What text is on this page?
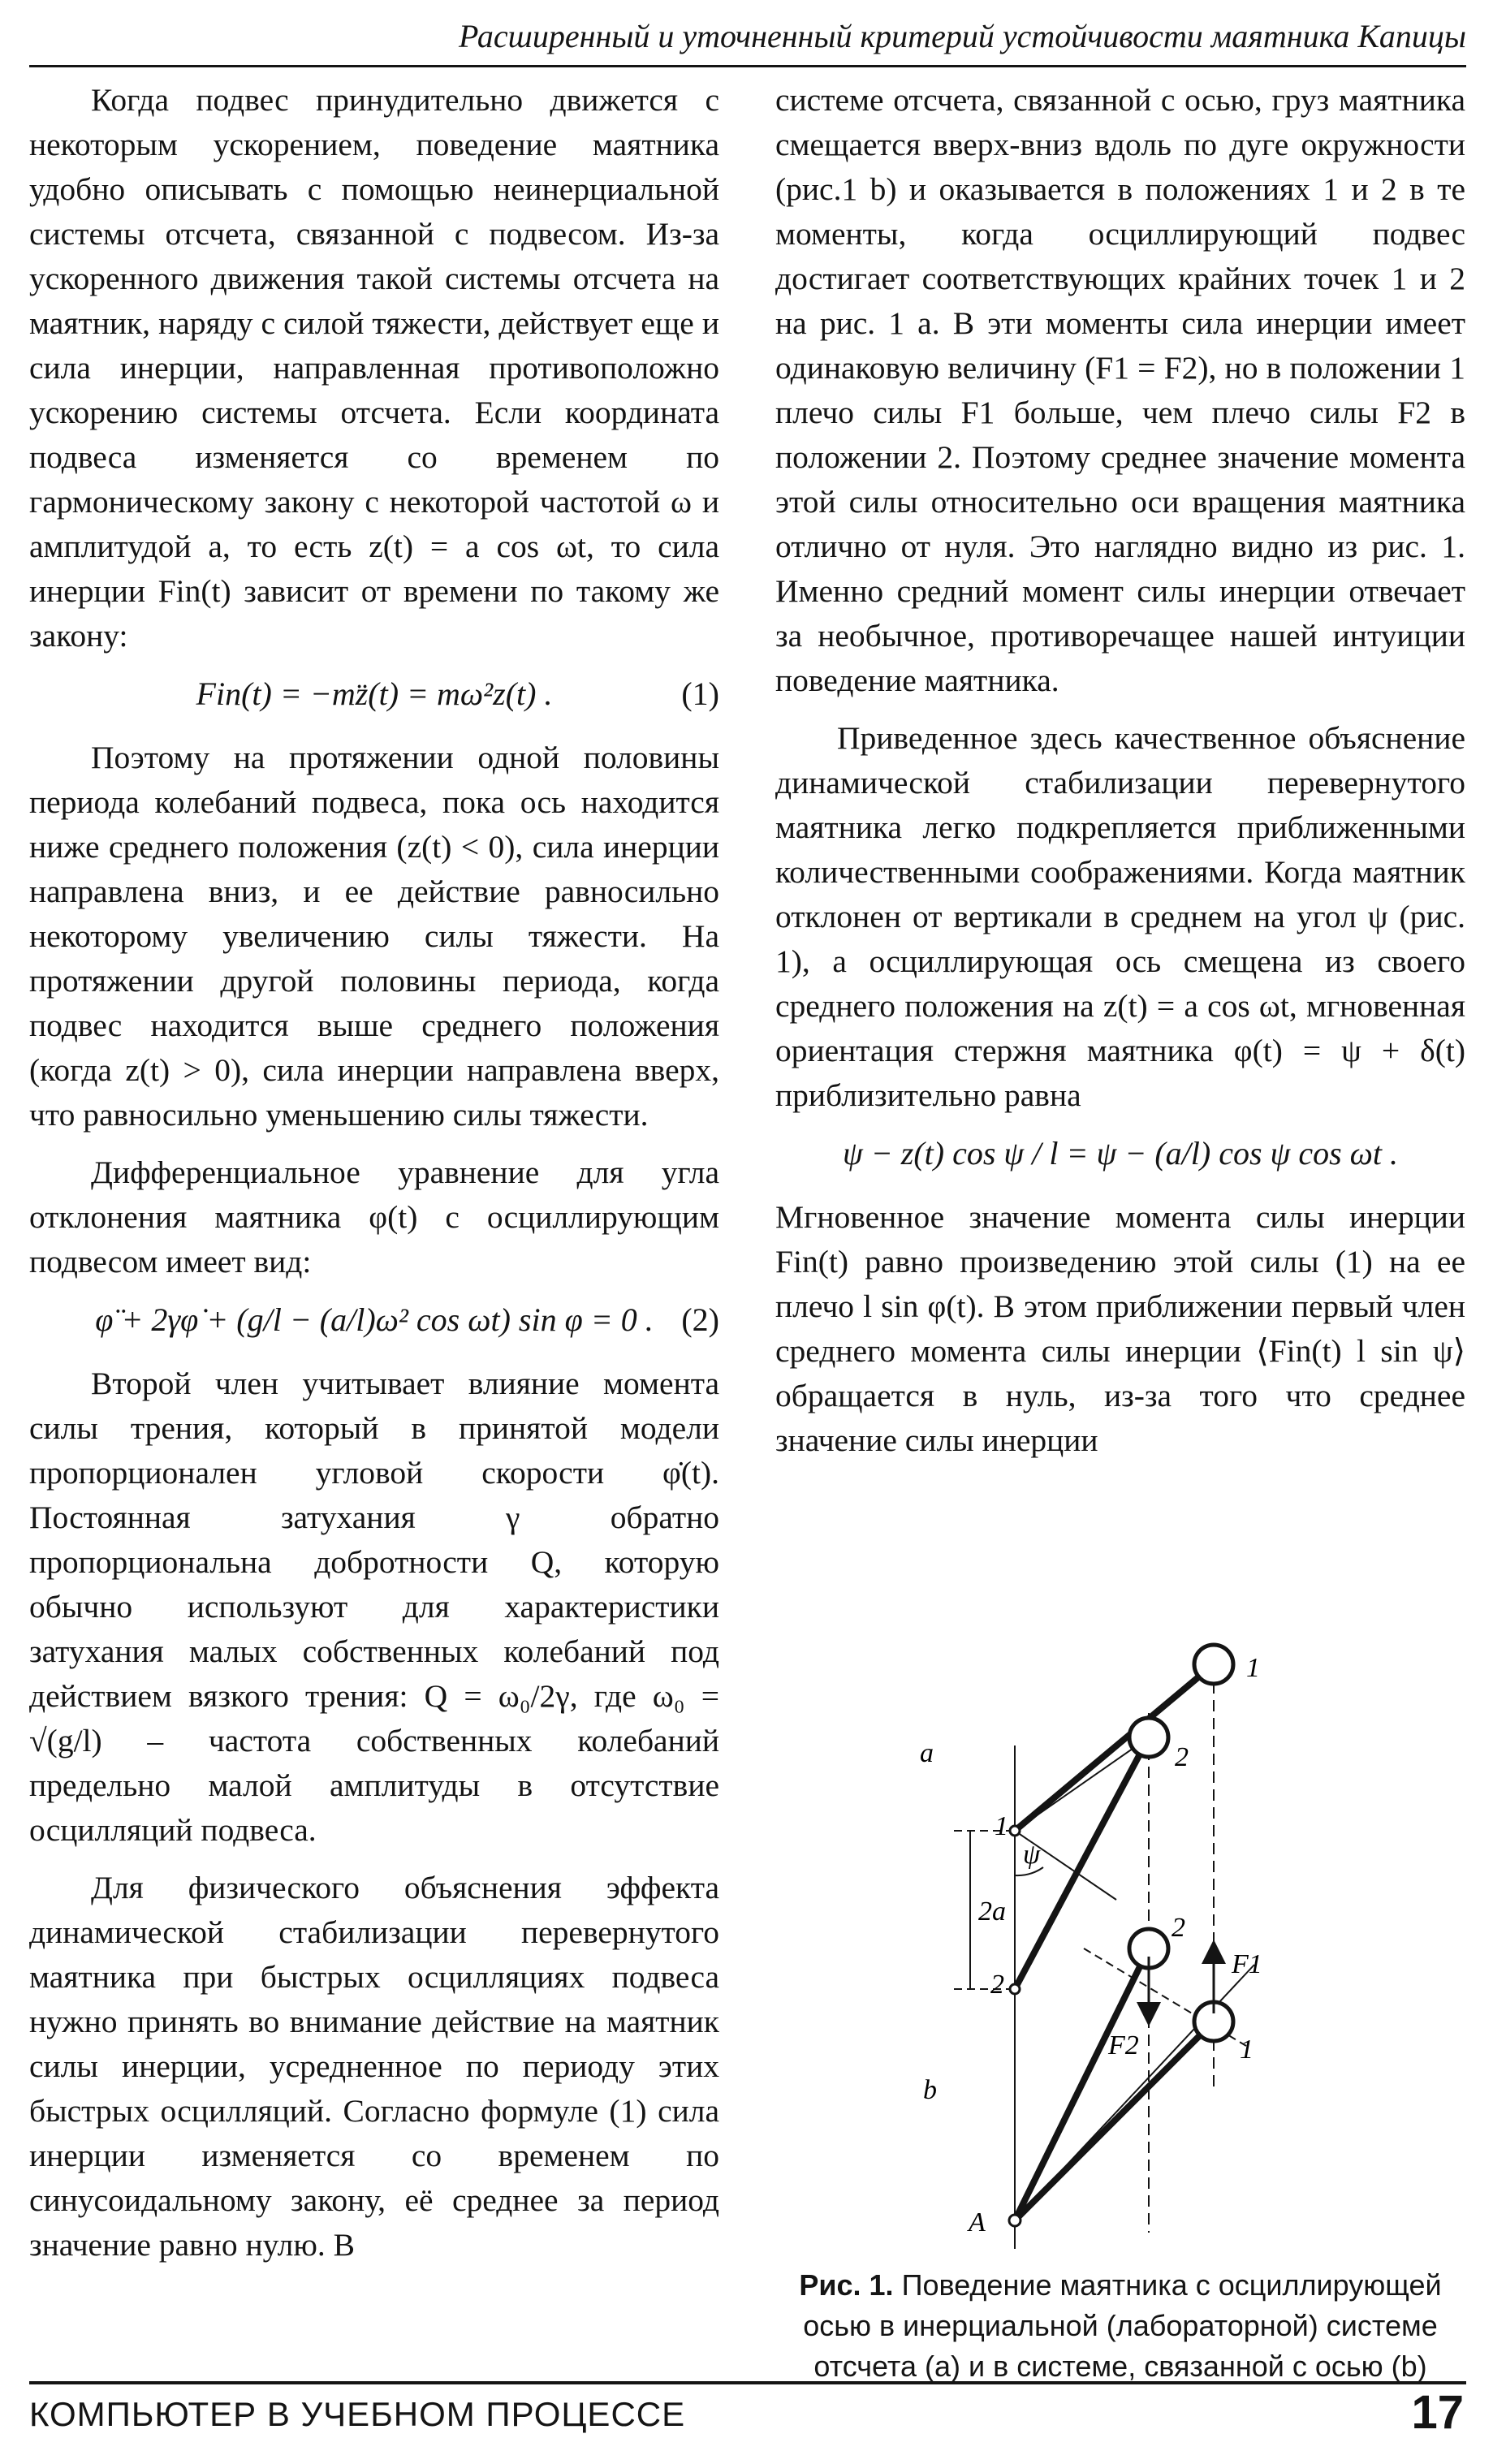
Расширенный и уточненный критерий устойчивости маятника Капицы

Когда подвес принудительно движется с некоторым ускорением, поведение маятника удобно описывать с помощью неинерциальной системы отсчета, связанной с подвесом. Из-за ускоренного движения такой системы отсчета на маятник, наряду с силой тяжести, действует еще и сила инерции, направленная противоположно ускорению системы отсчета. Если координата подвеса изменяется со временем по гармоническому закону с некоторой частотой ω и амплитудой a, то есть z(t) = a cos ωt, то сила инерции Fin(t) зависит от времени по такому же закону:

Fin(t) = −mz̈(t) = mω²z(t) .	(1)

Поэтому на протяжении одной половины периода колебаний подвеса, пока ось находится ниже среднего положения (z(t) < 0), сила инерции направлена вниз, и ее действие равносильно некоторому увеличению силы тяжести. На протяжении другой половины периода, когда подвес находится выше среднего положения (когда z(t) > 0), сила инерции направлена вверх, что равносильно уменьшению силы тяжести.

Дифференциальное уравнение для угла отклонения маятника φ(t) с осциллирующим подвесом имеет вид:

φ̈ + 2γφ̇ + (g/l − (a/l)ω² cos ωt) sin φ = 0 . (2)

Второй член учитывает влияние момента силы трения, который в принятой модели пропорционален угловой скорости φ̇(t). Постоянная затухания γ обратно пропорциональна добротности Q, которую обычно используют для характеристики затухания малых собственных колебаний под действием вязкого трения: Q = ω₀/2γ, где ω₀ = √(g/l) – частота собственных колебаний предельно малой амплитуды в отсутствие осцилляций подвеса.

Для физического объяснения эффекта динамической стабилизации перевернутого маятника при быстрых осцилляциях подвеса нужно принять во внимание действие на маятник силы инерции, усредненное по периоду этих быстрых осцилляций. Согласно формуле (1) сила инерции изменяется со временем по синусоидальному закону, её среднее за период значение равно нулю. В

системе отсчета, связанной с осью, груз маятника смещается вверх-вниз вдоль по дуге окружности (рис.1 b) и оказывается в положениях 1 и 2 в те моменты, когда осциллирующий подвес достигает соответствующих крайних точек 1 и 2 на рис. 1 a. В эти моменты сила инерции имеет одинаковую величину (F1 = F2), но в положении 1 плечо силы F1 больше, чем плечо силы F2 в положении 2. Поэтому среднее значение момента этой силы относительно оси вращения маятника отлично от нуля. Это наглядно видно из рис. 1. Именно средний момент силы инерции отвечает за необычное, противоречащее нашей интуиции поведение маятника.

Приведенное здесь качественное объяснение динамической стабилизации перевернутого маятника легко подкрепляется приближенными количественными соображениями. Когда маятник отклонен от вертикали в среднем на угол ψ (рис. 1), а осциллирующая ось смещена из своего среднего положения на z(t) = a cos ωt, мгновенная ориентация стержня маятника φ(t) = ψ + δ(t) приблизительно равна

ψ − z(t) cos ψ / l = ψ − (a/l) cos ψ cos ωt .

Мгновенное значение момента силы инерции Fin(t) равно произведению этой силы (1) на ее плечо l sin φ(t). В этом приближении первый член среднего момента силы инерции ⟨Fin(t) l sin ψ⟩ обращается в нуль, из-за того что среднее значение силы инерции

a
b
1
2
1
2
2a
ψ
2
1
F1
F2
A
Рис. 1. Поведение маятника с осциллирующей осью в инерциальной (лабораторной) системе отсчета (a) и в системе, связанной с осью (b)
КОМПЬЮТЕР В УЧЕБНОМ ПРОЦЕССЕ	17
